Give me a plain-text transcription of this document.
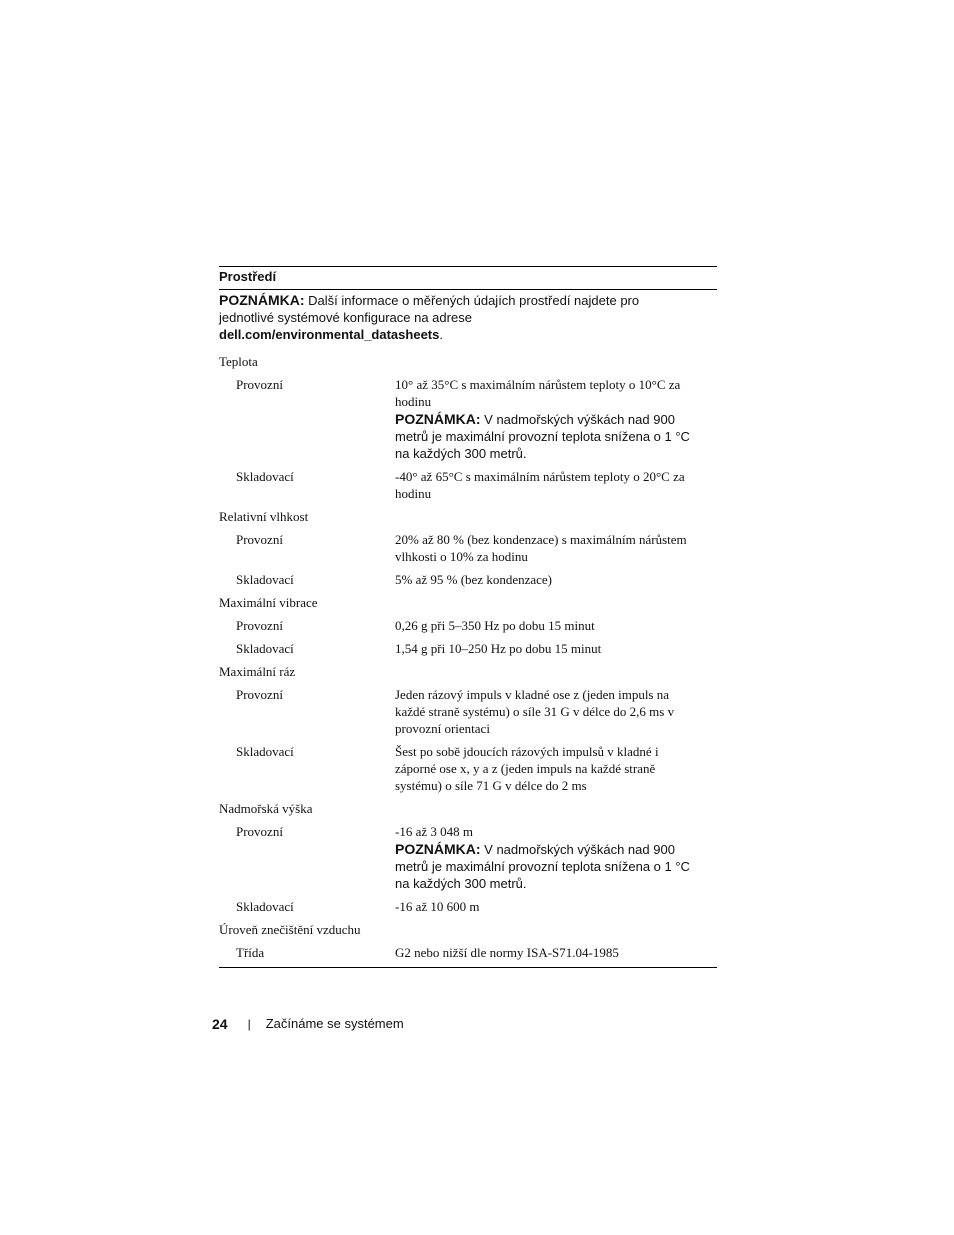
Prostředí
POZNÁMKA: Další informace o měřených údajích prostředí najdete pro jednotlivé systémové konfigurace na adrese dell.com/environmental_datasheets.
Teplota
Provozní	10° až 35°C s maximálním nárůstem teploty o 10°C za hodinu
POZNÁMKA: V nadmořských výškách nad 900 metrů je maximální provozní teplota snížena o 1 °C na každých 300 metrů.
Skladovací	-40° až 65°C s maximálním nárůstem teploty o 20°C za hodinu
Relativní vlhkost
Provozní	20% až 80 % (bez kondenzace) s maximálním nárůstem vlhkosti o 10% za hodinu
Skladovací	5% až 95 % (bez kondenzace)
Maximální vibrace
Provozní	0,26 g při 5–350 Hz po dobu 15 minut
Skladovací	1,54 g při 10–250 Hz po dobu 15 minut
Maximální ráz
Provozní	Jeden rázový impuls v kladné ose z (jeden impuls na každé straně systému) o síle 31 G v délce do 2,6 ms v provozní orientaci
Skladovací	Šest po sobě jdoucích rázových impulsů v kladné i záporné ose x, y a z (jeden impuls na každé straně systému) o síle 71 G v délce do 2 ms
Nadmořská výška
Provozní	-16 až 3 048 m
POZNÁMKA: V nadmořských výškách nad 900 metrů je maximální provozní teplota snížena o 1 °C na každých 300 metrů.
Skladovací	-16 až 10 600 m
Úroveň znečištění vzduchu
Třída	G2 nebo nižší dle normy ISA-S71.04-1985
24 | Začínáme se systémem
